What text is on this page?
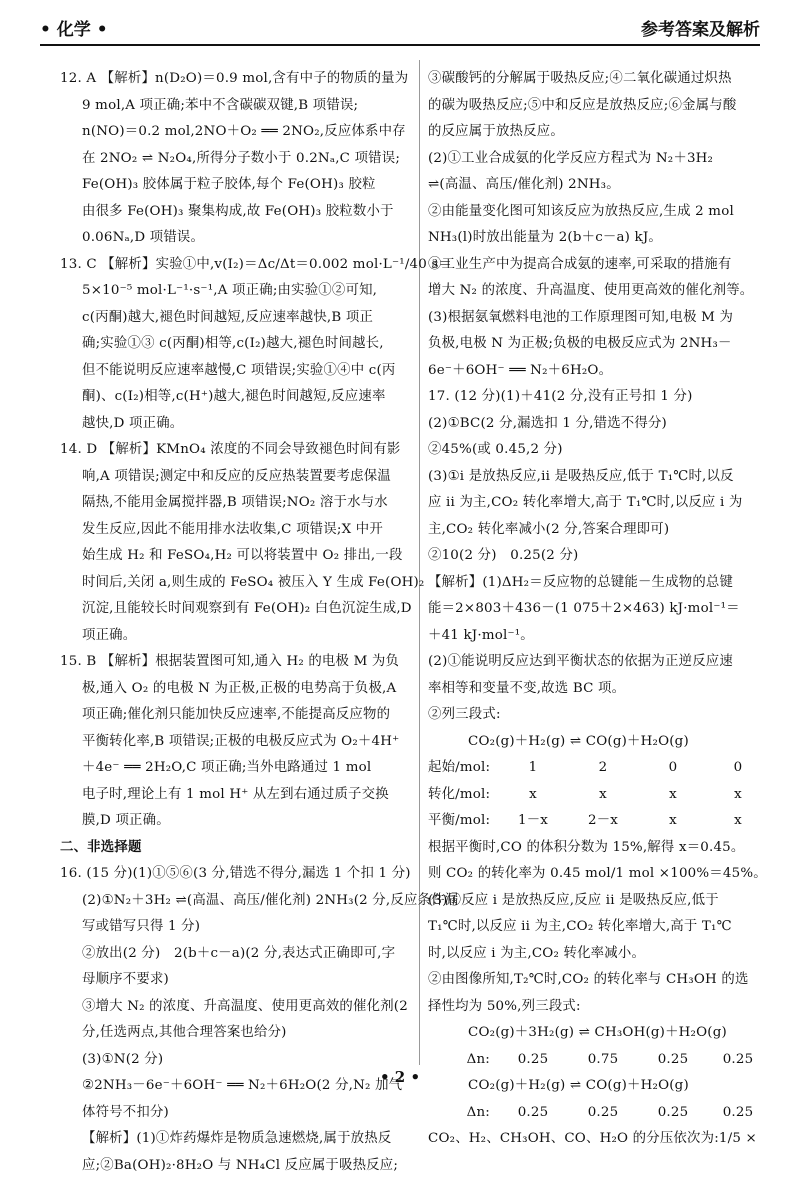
• 化学 •	参考答案及解析
12. A 【解析】n(D₂O)＝0.9 mol,含有中子的物质的量为
9 mol,A 项正确;苯中不含碳碳双键,B 项错误;
n(NO)＝0.2 mol,2NO＋O₂ ══ 2NO₂,反应体系中存
在 2NO₂ ⇌ N₂O₄,所得分子数小于 0.2Nₐ,C 项错误;
Fe(OH)₃ 胶体属于粒子胶体,每个 Fe(OH)₃ 胶粒
由很多 Fe(OH)₃ 聚集构成,故 Fe(OH)₃ 胶粒数小于
0.06Nₐ,D 项错误。
13. C 【解析】实验①中,v(I₂)＝Δc/Δt＝0.002 mol·L⁻¹/40 s＝
5×10⁻⁵ mol·L⁻¹·s⁻¹,A 项正确;由实验①②可知,
c(丙酮)越大,褪色时间越短,反应速率越快,B 项正
确;实验①③ c(丙酮)相等,c(I₂)越大,褪色时间越长,
但不能说明反应速率越慢,C 项错误;实验①④中 c(丙
酮)、c(I₂)相等,c(H⁺)越大,褪色时间越短,反应速率
越快,D 项正确。
14. D 【解析】KMnO₄ 浓度的不同会导致褪色时间有影
响,A 项错误;测定中和反应的反应热装置要考虑保温
隔热,不能用金属搅拌器,B 项错误;NO₂ 溶于水与水
发生反应,因此不能用排水法收集,C 项错误;X 中开
始生成 H₂ 和 FeSO₄,H₂ 可以将装置中 O₂ 排出,一段
时间后,关闭 a,则生成的 FeSO₄ 被压入 Y 生成 Fe(OH)₂
沉淀,且能较长时间观察到有 Fe(OH)₂ 白色沉淀生成,D
项正确。
15. B 【解析】根据装置图可知,通入 H₂ 的电极 M 为负
极,通入 O₂ 的电极 N 为正极,正极的电势高于负极,A
项正确;催化剂只能加快反应速率,不能提高反应物的
平衡转化率,B 项错误;正极的电极反应式为 O₂＋4H⁺
＋4e⁻ ══ 2H₂O,C 项正确;当外电路通过 1 mol
电子时,理论上有 1 mol H⁺ 从左到右通过质子交换
膜,D 项正确。
二、非选择题
16. (15 分)(1)①⑤⑥(3 分,错选不得分,漏选 1 个扣 1 分)
(2)①N₂＋3H₂ ⇌(高温、高压/催化剂) 2NH₃(2 分,反应条件漏
写或错写只得 1 分)
②放出(2 分)　2(b＋c－a)(2 分,表达式正确即可,字
母顺序不要求)
③增大 N₂ 的浓度、升高温度、使用更高效的催化剂(2
分,任选两点,其他合理答案也给分)
(3)①N(2 分)
②2NH₃－6e⁻＋6OH⁻ ══ N₂＋6H₂O(2 分,N₂ 加气
体符号不扣分)
【解析】(1)①炸药爆炸是物质急速燃烧,属于放热反
应;②Ba(OH)₂·8H₂O 与 NH₄Cl 反应属于吸热反应;
③碳酸钙的分解属于吸热反应;④二氧化碳通过炽热
的碳为吸热反应;⑤中和反应是放热反应;⑥金属与酸
的反应属于放热反应。
(2)①工业合成氨的化学反应方程式为 N₂＋3H₂
⇌(高温、高压/催化剂) 2NH₃。
②由能量变化图可知该反应为放热反应,生成 2 mol
NH₃(l)时放出能量为 2(b＋c－a) kJ。
③工业生产中为提高合成氨的速率,可采取的措施有
增大 N₂ 的浓度、升高温度、使用更高效的催化剂等。
(3)根据氨氧燃料电池的工作原理图可知,电极 M 为
负极,电极 N 为正极;负极的电极反应式为 2NH₃－
6e⁻＋6OH⁻ ══ N₂＋6H₂O。
17. (12 分)(1)＋41(2 分,没有正号扣 1 分)
(2)①BC(2 分,漏选扣 1 分,错选不得分)
②45%(或 0.45,2 分)
(3)①i 是放热反应,ii 是吸热反应,低于 T₁℃时,以反
应 ii 为主,CO₂ 转化率增大,高于 T₁℃时,以反应 i 为
主,CO₂ 转化率减小(2 分,答案合理即可)
②10(2 分)　0.25(2 分)
【解析】(1)ΔH₂＝反应物的总键能－生成物的总键
能＝2×803＋436－(1 075＋2×463) kJ·mol⁻¹＝
＋41 kJ·mol⁻¹。
(2)①能说明反应达到平衡状态的依据为正逆反应速
率相等和变量不变,故选 BC 项。
②列三段式:
CO₂(g)＋H₂(g) ⇌ CO(g)＋H₂O(g)
起始/mol:	1	2	0	0
转化/mol:	x	x	x	x
平衡/mol:	1－x	2－x	x	x
根据平衡时,CO 的体积分数为 15%,解得 x＝0.45。
则 CO₂ 的转化率为 0.45 mol/1 mol ×100%＝45%。
(3)①反应 i 是放热反应,反应 ii 是吸热反应,低于
T₁℃时,以反应 ii 为主,CO₂ 转化率增大,高于 T₁℃
时,以反应 i 为主,CO₂ 转化率减小。
②由图像所知,T₂℃时,CO₂ 的转化率与 CH₃OH 的选
择性均为 50%,列三段式:
CO₂(g)＋3H₂(g) ⇌ CH₃OH(g)＋H₂O(g)
Δn:	0.25	0.75	0.25	0.25
CO₂(g)＋H₂(g) ⇌ CO(g)＋H₂O(g)
Δn:	0.25	0.25	0.25	0.25
CO₂、H₂、CH₃OH、CO、H₂O 的分压依次为:1/5 ×
• 2 •
